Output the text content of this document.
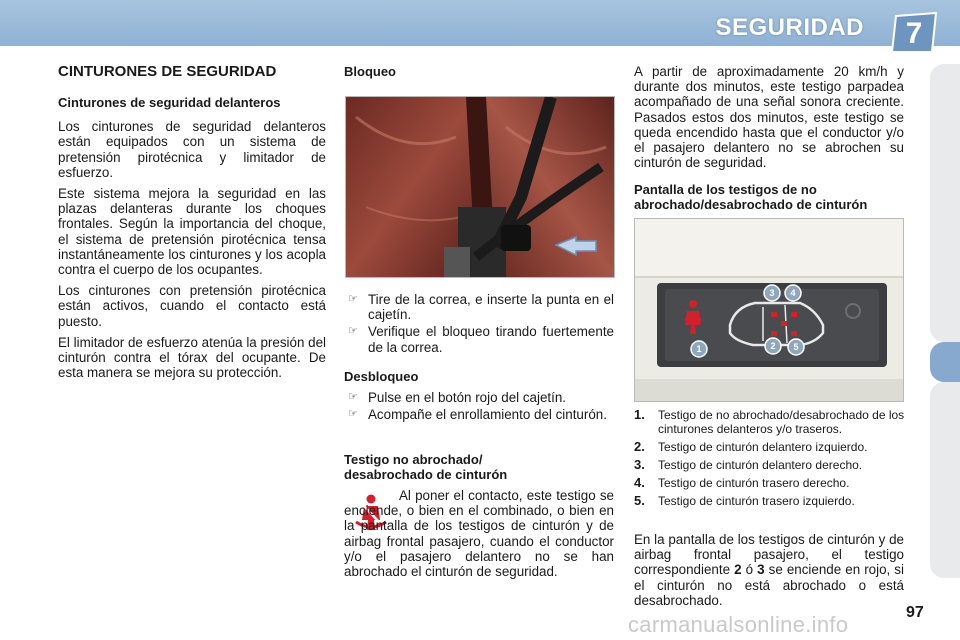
SEGURIDAD	7
CINTURONES DE SEGURIDAD
Cinturones de seguridad delanteros

Los cinturones de seguridad delanteros están equipados con un sistema de pretensión pirotécnica y limitador de esfuerzo.

Este sistema mejora la seguridad en las plazas delanteras durante los choques frontales. Según la importancia del choque, el sistema de pretensión pirotécnica tensa instantáneamente los cinturones y los acopla contra el cuerpo de los ocupantes.

Los cinturones con pretensión pirotécnica están activos, cuando el contacto está puesto.

El limitador de esfuerzo atenúa la presión del cinturón contra el tórax del ocupante. De esta manera se mejora su protección.

Bloqueo
☞ Tire de la correa, e inserte la punta en el cajetín.
☞ Verifique el bloqueo tirando fuertemente de la correa.
Desbloqueo
☞ Pulse en el botón rojo del cajetín.
☞ Acompañe el enrollamiento del cinturón.
Testigo no abrochado/ desabrochado de cinturón

Al poner el contacto, este testigo se enciende, o bien en el combinado, o bien en la pantalla de los testigos de cinturón y de airbag frontal pasajero, cuando el conductor y/o el pasajero delantero no se han abrochado el cinturón de seguridad.

A partir de aproximadamente 20 km/h y durante dos minutos, este testigo parpadea acompañado de una señal sonora creciente. Pasados estos dos minutos, este testigo se queda encendido hasta que el conductor y/o el pasajero delantero no se abrochen su cinturón de seguridad.

Pantalla de los testigos de no abrochado/desabrochado de cinturón
1	2
3 4
5
1. Testigo de no abrochado/desabrochado de los cinturones delanteros y/o traseros.
2. Testigo de cinturón delantero izquierdo.
3. Testigo de cinturón delantero derecho.
4. Testigo de cinturón trasero derecho.
5. Testigo de cinturón trasero izquierdo.

En la pantalla de los testigos de cinturón y de airbag frontal pasajero, el testigo correspondiente 2 ó 3 se enciende en rojo, si el cinturón no está abrochado o está desabrochado.

carmanualsonline.info	97
